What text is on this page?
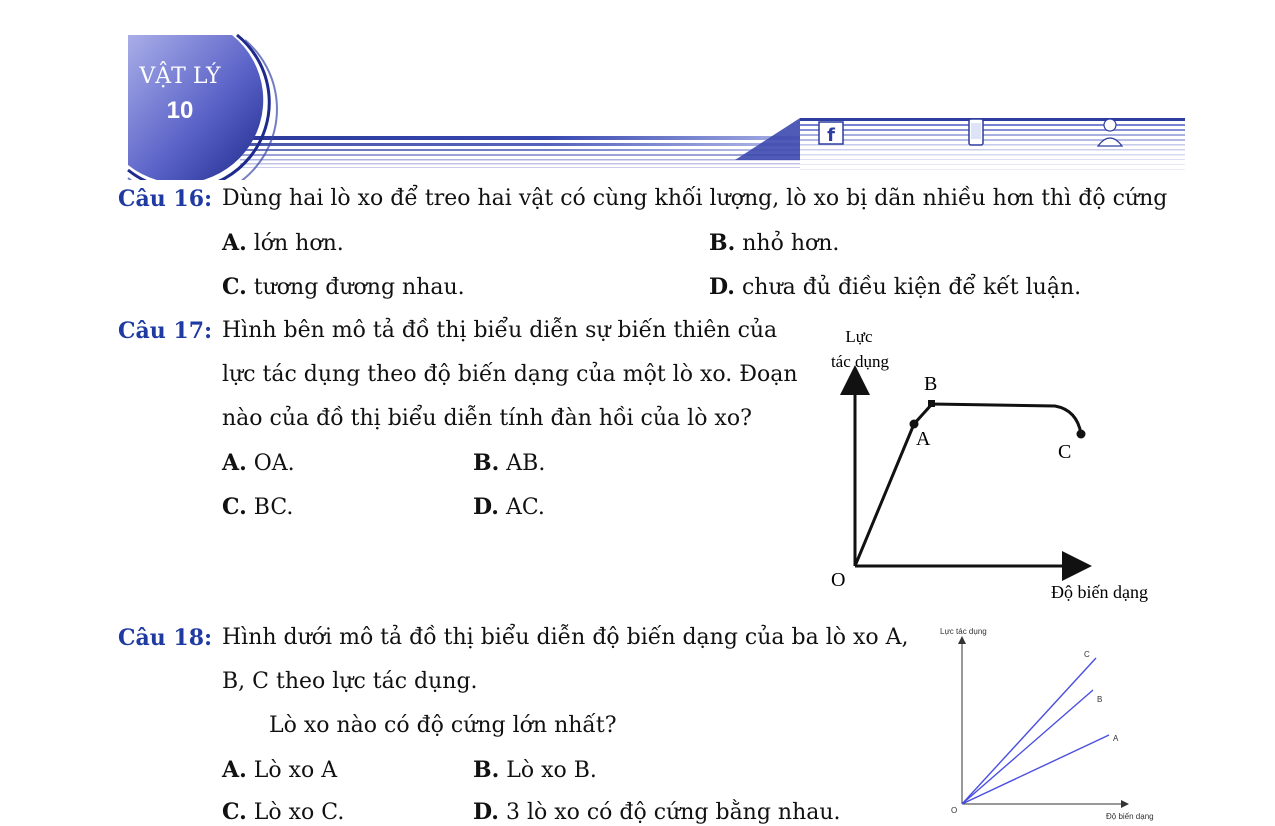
f
VẬT LÝ
10
Câu 16: Dùng hai lò xo để treo hai vật có cùng khối lượng, lò xo bị dãn nhiều hơn thì độ cứng
A. lớn hơn.	B. nhỏ hơn.
C. tương đương nhau.	D. chưa đủ điều kiện để kết luận.
Câu 17: Hình bên mô tả đồ thị biểu diễn sự biến thiên của
lực tác dụng theo độ biến dạng của một lò xo. Đoạn
nào của đồ thị biểu diễn tính đàn hồi của lò xo?
A. OA.	B. AB.
C. BC.	D. AC.
Lực
tác dụng
B
A
C
O
Độ biến dạng
Câu 18: Hình dưới mô tả đồ thị biểu diễn độ biến dạng của ba lò xo A,
B, C theo lực tác dụng.
Lò xo nào có độ cứng lớn nhất?
A. Lò xo A	B. Lò xo B.
C. Lò xo C.	D. 3 lò xo có độ cứng bằng nhau.
Lực tác dụng
C
B
A
O
Độ biến dạng
